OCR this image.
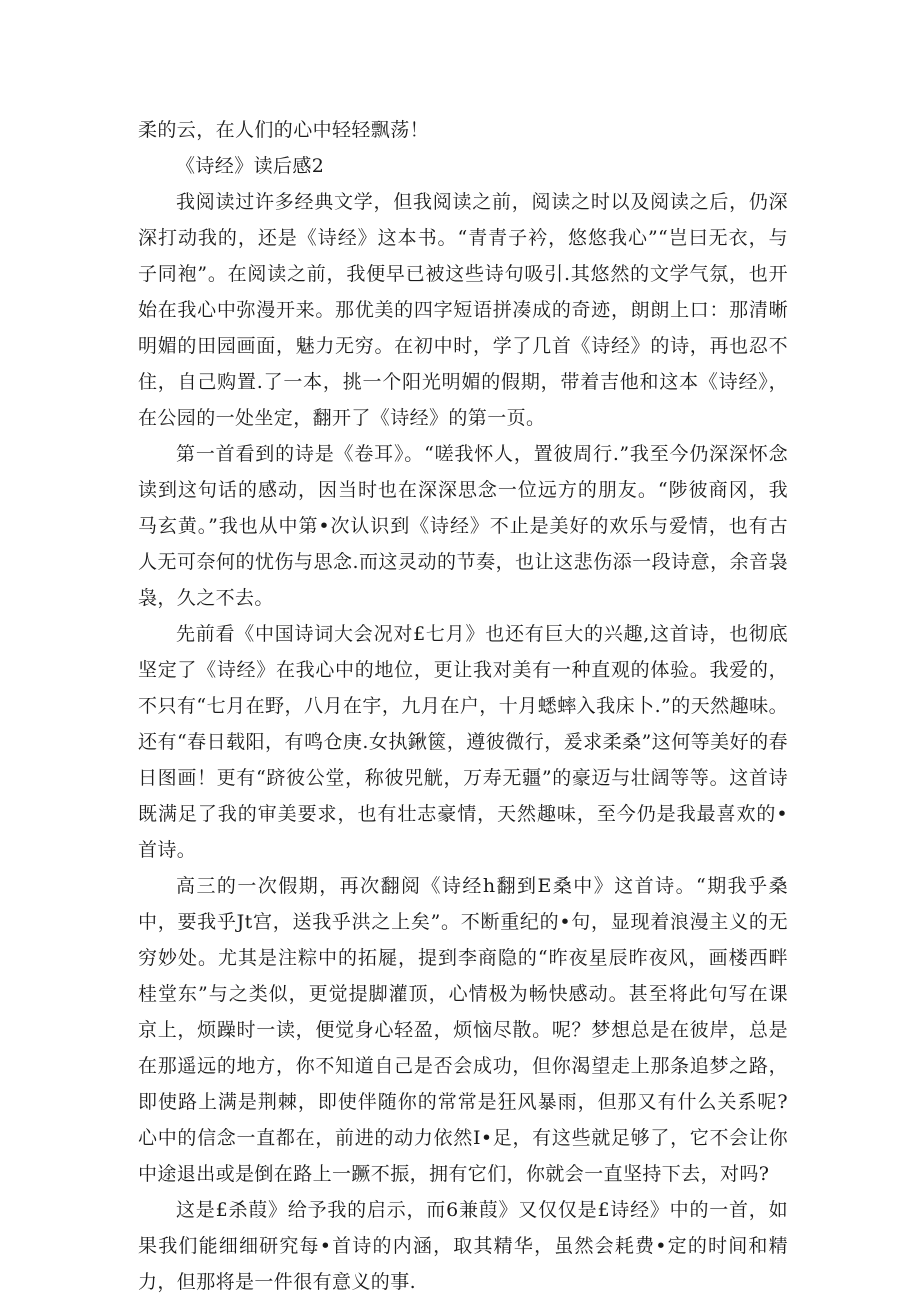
柔的云，在人们的心中轻轻飘荡！

《诗经》读后感2

我阅读过许多经典文学，但我阅读之前，阅读之时以及阅读之后，仍深深打动我的，还是《诗经》这本书。“青青子衿，悠悠我心”“岂曰无衣，与子同袍”。在阅读之前，我便早已被这些诗句吸引.其悠然的文学气氛，也开始在我心中弥漫开来。那优美的四字短语拼凑成的奇迹，朗朗上口：那清晰明媚的田园画面，魅力无穷。在初中时，学了几首《诗经》的诗，再也忍不住，自己购置.了一本，挑一个阳光明媚的假期，带着吉他和这本《诗经》，在公园的一处坐定，翻开了《诗经》的第一页。

第一首看到的诗是《卷耳》。“嗟我怀人，置彼周行.”我至今仍深深怀念读到这句话的感动，因当时也在深深思念一位远方的朋友。“陟彼商冈，我马玄黄。”我也从中第•次认识到《诗经》不止是美好的欢乐与爱情，也有古人无可奈何的忧伤与思念.而这灵动的节奏，也让这悲伤添一段诗意，余音袅袅，久之不去。

先前看《中国诗词大会况对£七月》也还有巨大的兴趣,这首诗，也彻底坚定了《诗经》在我心中的地位，更让我对美有一种直观的体验。我爱的，不只有“七月在野，八月在宇，九月在户，十月蟋蟀入我床卜.”的天然趣味。还有“春日载阳，有鸣仓庚.女执鍬篋，遵彼微行，爰求柔桑”这何等美好的春日图画！更有“跻彼公堂，称彼兕觥，万寿无疆”的豪迈与壮阔等等。这首诗既满足了我的审美要求，也有壮志豪情，天然趣味，至今仍是我最喜欢的•首诗。

高三的一次假期，再次翻阅《诗经h翻到E桑中》这首诗。“期我乎桑中，要我乎Jt宫，送我乎洪之上矣”。不断重纪的•句，显现着浪漫主义的无穷妙处。尤其是注粽中的拓屣，提到李商隐的“昨夜星辰昨夜风，画楼西畔桂堂东”与之类似，更觉提脚灌顶，心情极为畅快感动。甚至将此句写在课京上，烦躁时一读，便觉身心轻盈，烦恼尽散。呢？梦想总是在彼岸，总是在那遥远的地方，你不知道自己是否会成功，但你渴望走上那条追梦之路，即使路上满是荆棘，即使伴随你的常常是狂风暴雨，但那又有什么关系呢?心中的信念一直都在，前进的动力依然I•足，有这些就足够了，它不会让你中途退出或是倒在路上一蹶不振，拥有它们，你就会一直坚持下去，对吗?

这是£杀葭》给予我的启示，而6兼葭》又仅仅是£诗经》中的一首，如果我们能细细研究每•首诗的内涵，取其精华，虽然会耗费•定的时间和精力，但那将是一件很有意义的事.
